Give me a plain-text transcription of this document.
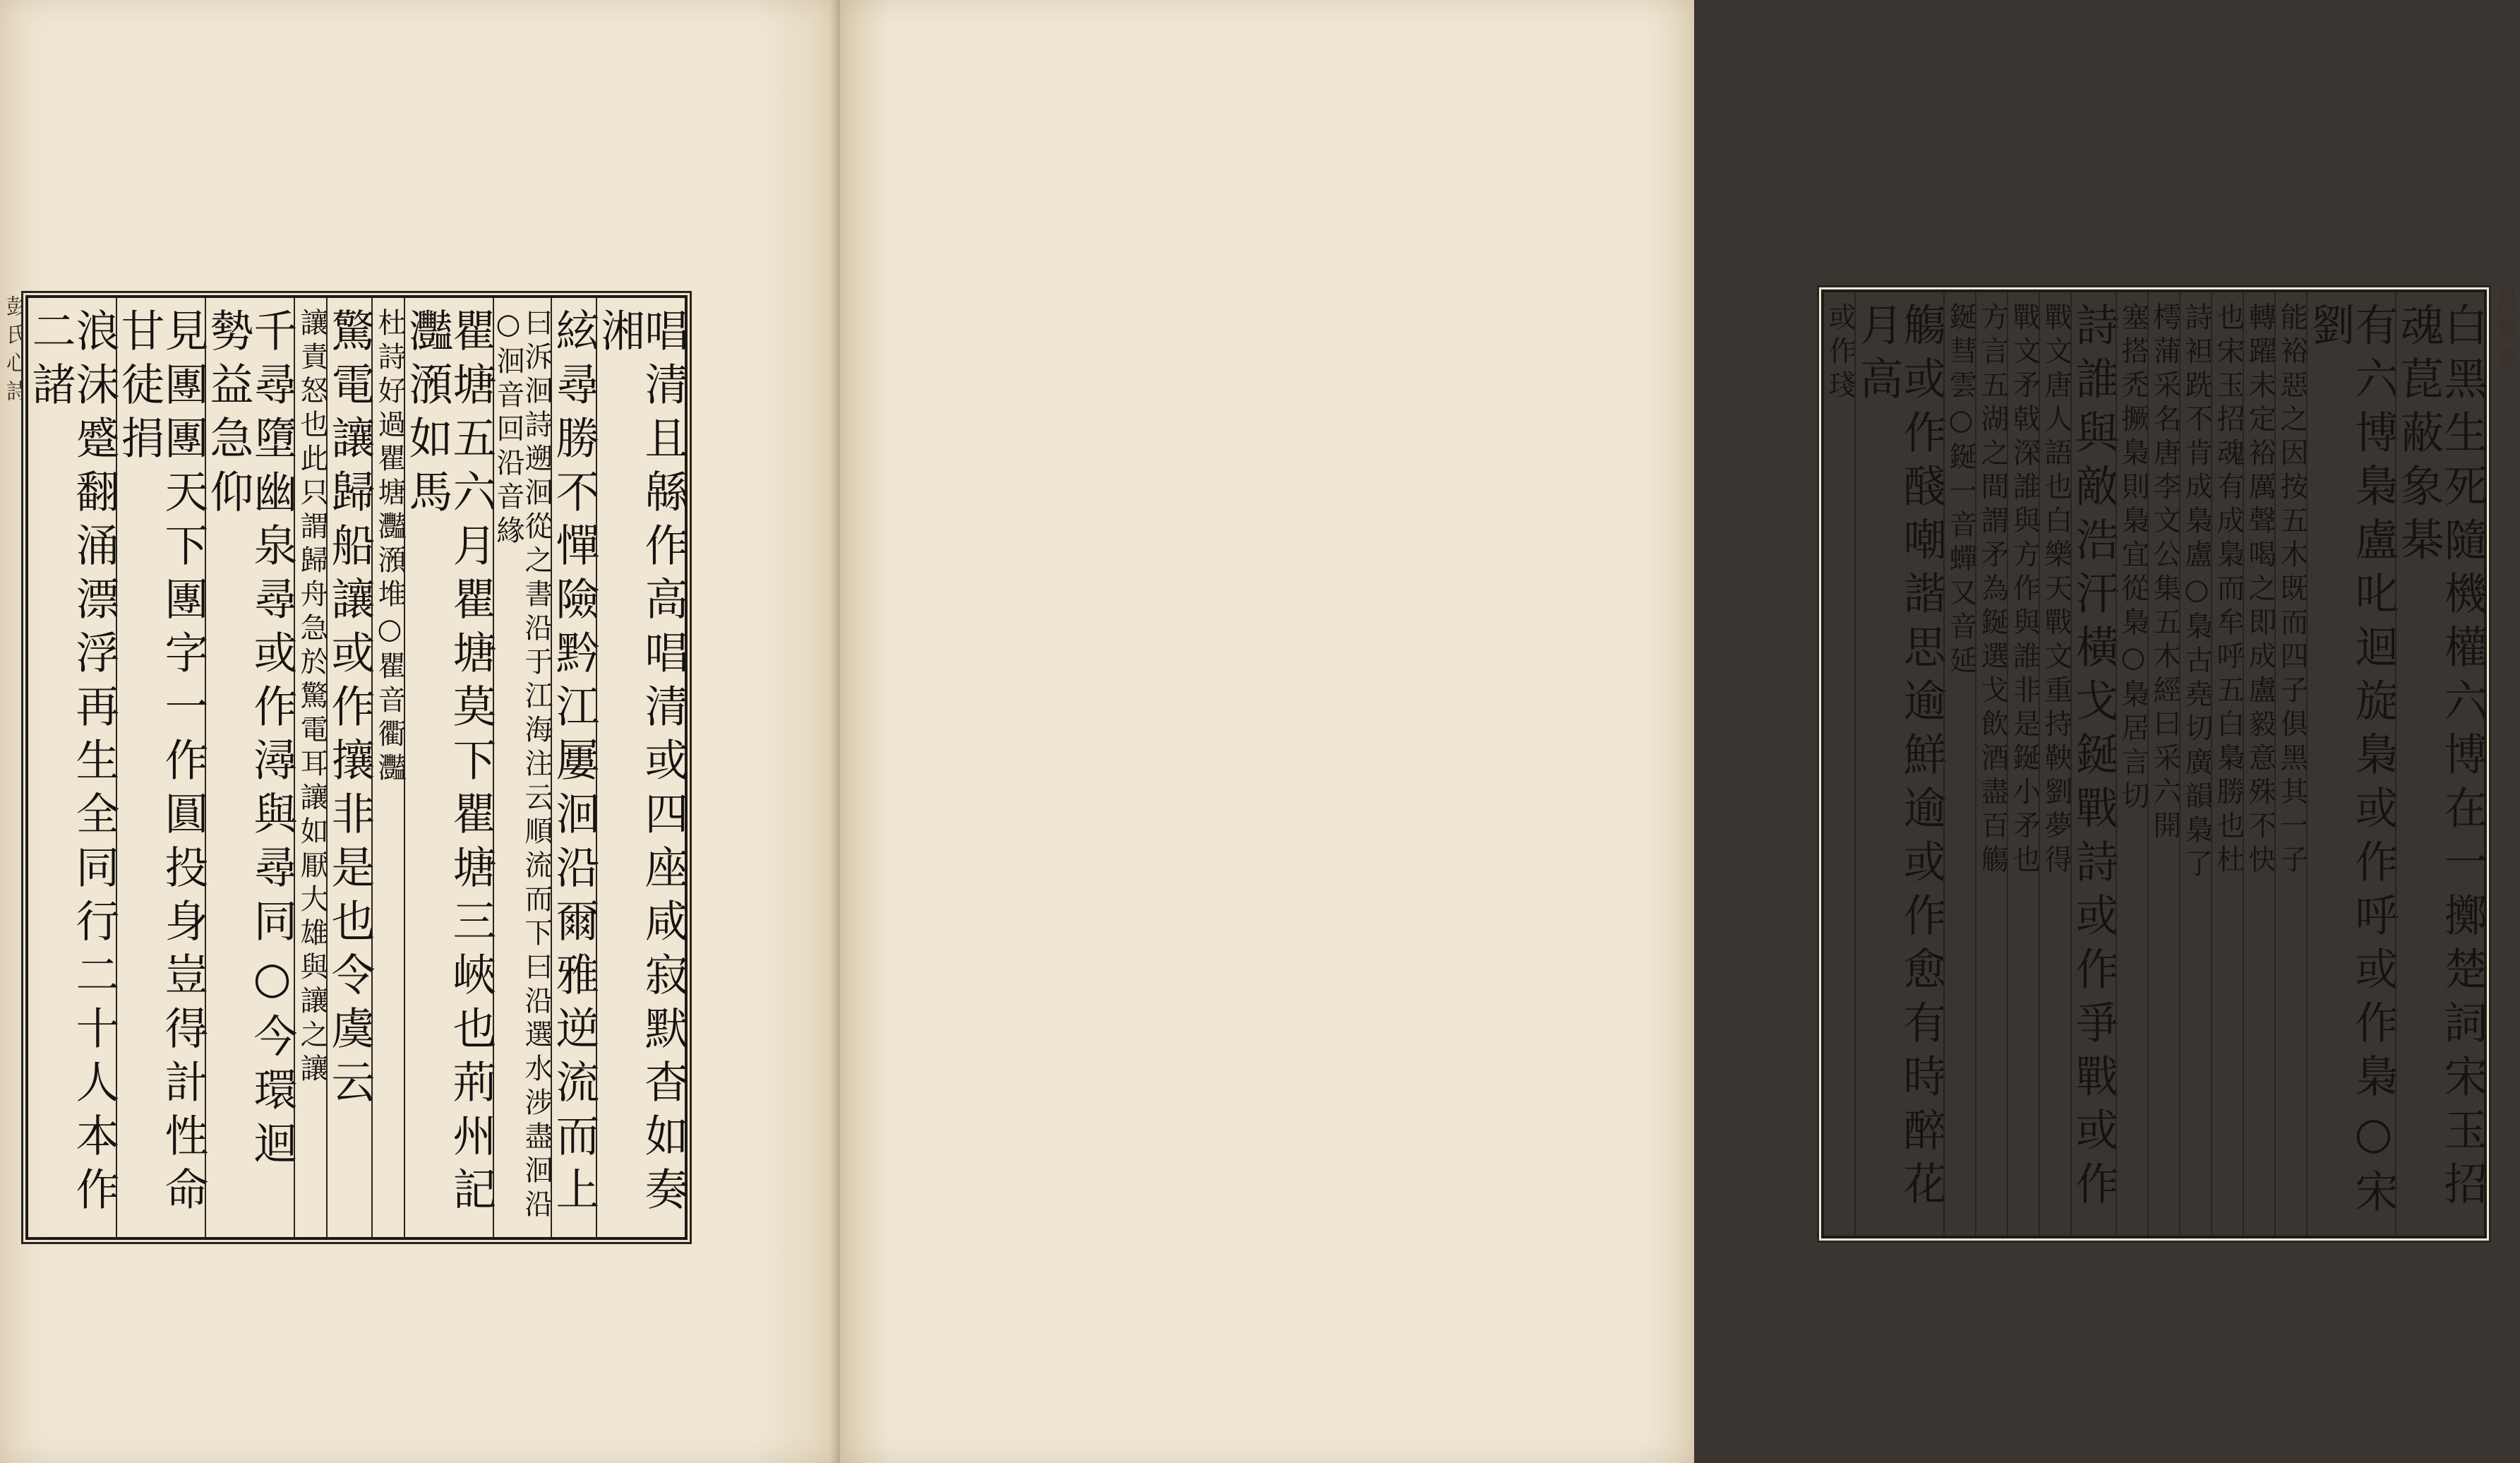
彭氏心詩	唱清且緜作高唱清或四座咸寂默杳如奏湘
絃尋勝不憚險黔江屢洄沿爾雅逆流而上
曰泝洄詩遡洄從之書沿于江海注云順流而下曰沿選水涉盡洄沿○洄音回沿音緣
瞿塘五六月瞿塘莫下瞿塘三峽也荊州記灩澦如馬
杜詩好過瞿塘灩澦堆○瞿音衢灩
驚電讓歸船讓或作攘非是也令虞云
讓責怒也此只謂歸舟急於驚電耳讓如厭大雄與讓之讓
千尋墮幽泉尋或作潯與尋同○今環迴勢益急仰
見團團天下團字一作圓投身豈得計性命甘徒捐
浪沫蹙翻涌漂浮再生全同行二十人本作二諸	白黑生死隨機權六博在一擲楚詞宋玉招魂菎蔽象棊
有六博梟盧叱迴旋梟或作呼或作梟○宋劉
能裕惡之因按五木既而四子俱黑其一子
轉躍未定裕厲聲喝之即成盧毅意殊不快
也宋玉招魂有成梟而牟呼五白梟勝也杜
詩袒跣不肯成梟盧○梟古堯切廣韻梟了
樗蒲采名唐李文公集五木經曰采六開
塞搭禿撅梟則梟宜從梟○梟居言切
詩誰與敵浩汗橫戈鋋戰詩或作爭戰或作
戰文唐人語也白樂天戰文重持鞅劉夢得
戰文矛戟深誰與方作與誰非是鋋小矛也
方言五湖之間謂矛為鋋選戈飲酒盡百觴
鋋彗雲○鋋一音蟬又音延
觴或作醆嘲諧思逾鮮逾或作愈有時醉花月高
或作琖	昌黎卷
